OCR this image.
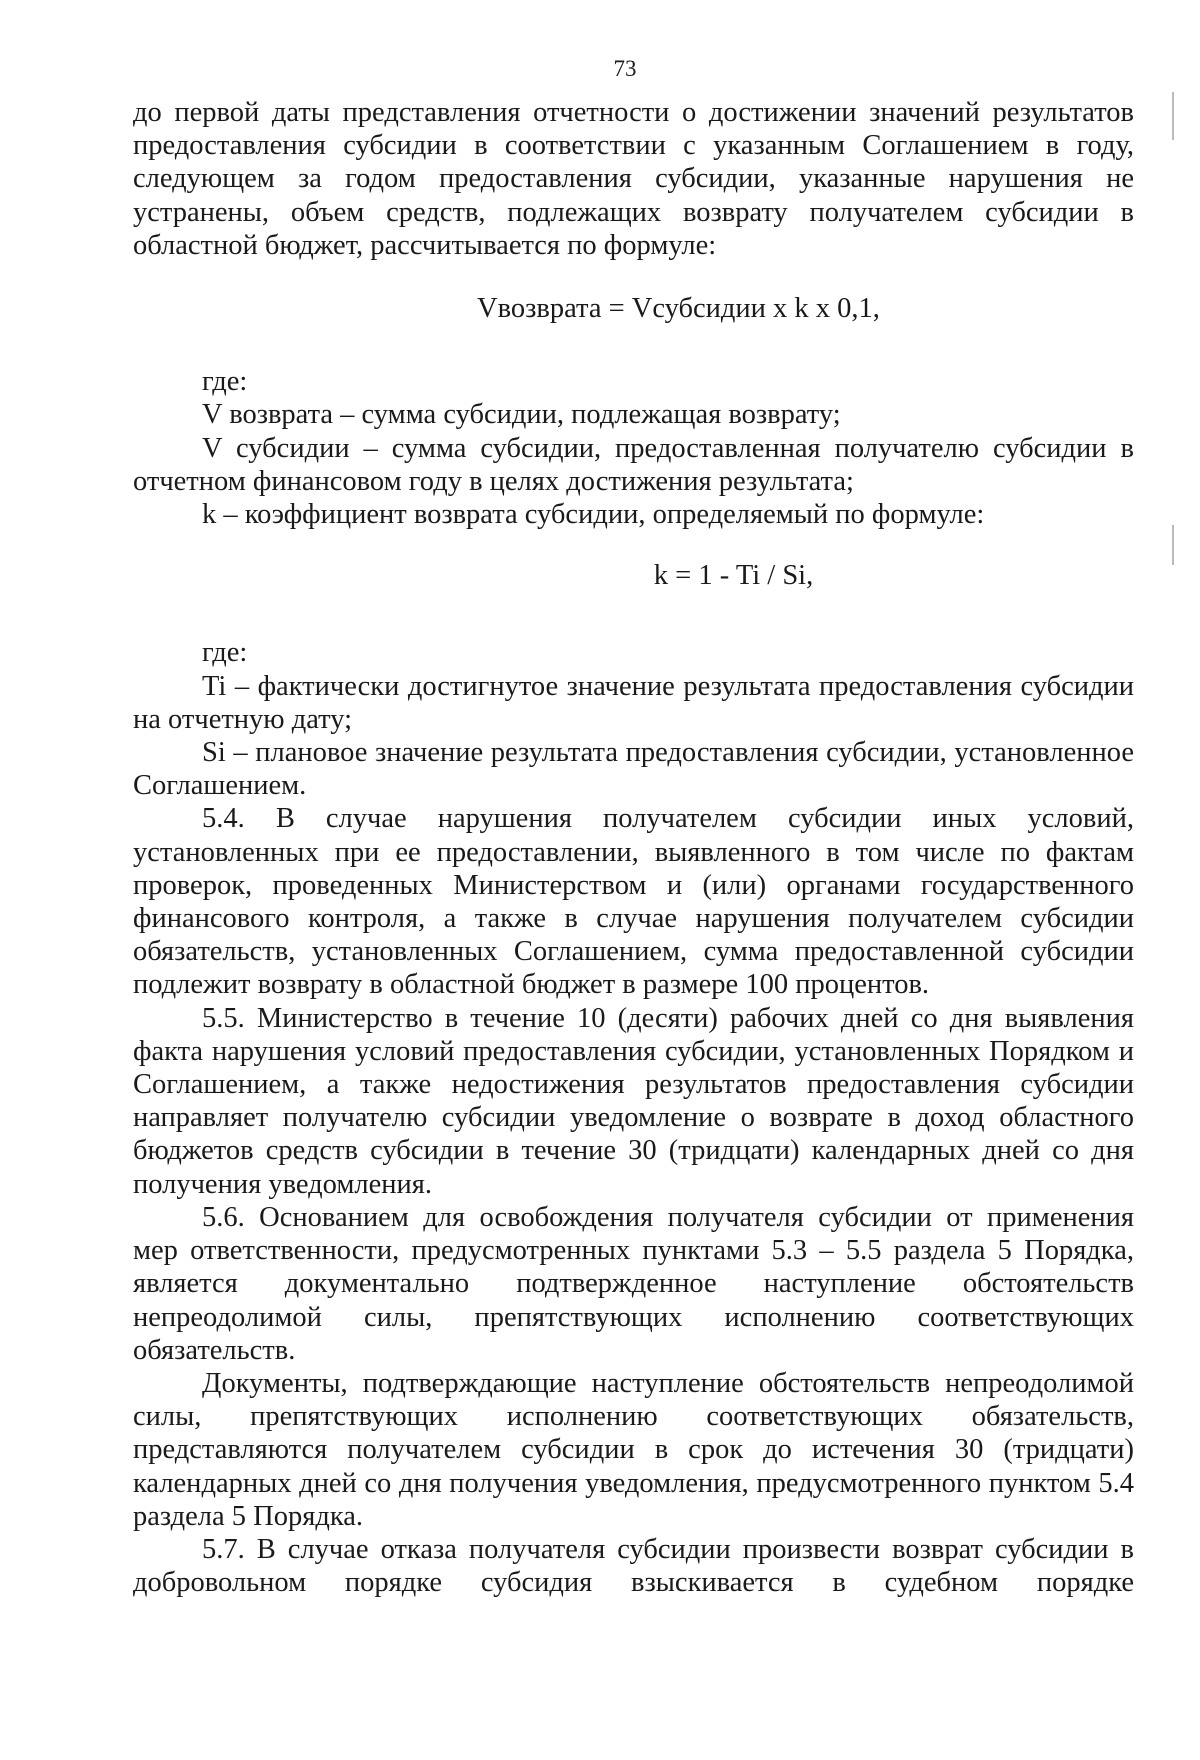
73

до первой даты представления отчетности о достижении значений результатов предоставления субсидии в соответствии с указанным Соглашением в году, следующем за годом предоставления субсидии, указанные нарушения не устранены, объем средств, подлежащих возврату получателем субсидии в областной бюджет, рассчитывается по формуле:

Vвозврата = Vсубсидии x k x 0,1,

где:

V возврата – сумма субсидии, подлежащая возврату;

V субсидии – сумма субсидии, предоставленная получателю субсидии в отчетном финансовом году в целях достижения результата;

k – коэффициент возврата субсидии, определяемый по формуле:

k = 1 - Ti / Si,

где:

Ti – фактически достигнутое значение результата предоставления субсидии на отчетную дату;

Si – плановое значение результата предоставления субсидии, установленное Соглашением.

5.4. В случае нарушения получателем субсидии иных условий, установленных при ее предоставлении, выявленного в том числе по фактам проверок, проведенных Министерством и (или) органами государственного финансового контроля, а также в случае нарушения получателем субсидии обязательств, установленных Соглашением, сумма предоставленной субсидии подлежит возврату в областной бюджет в размере 100 процентов.

5.5. Министерство в течение 10 (десяти) рабочих дней со дня выявления факта нарушения условий предоставления субсидии, установленных Порядком и Соглашением, а также недостижения результатов предоставления субсидии направляет получателю субсидии уведомление о возврате в доход областного бюджетов средств субсидии в течение 30 (тридцати) календарных дней со дня получения уведомления.

5.6. Основанием для освобождения получателя субсидии от применения мер ответственности, предусмотренных пунктами 5.3 – 5.5 раздела 5 Порядка, является документально подтвержденное наступление обстоятельств непреодолимой силы, препятствующих исполнению соответствующих обязательств.

Документы, подтверждающие наступление обстоятельств непреодолимой силы, препятствующих исполнению соответствующих обязательств, представляются получателем субсидии в срок до истечения 30 (тридцати) календарных дней со дня получения уведомления, предусмотренного пунктом 5.4 раздела 5 Порядка.

5.7. В случае отказа получателя субсидии произвести возврат субсидии в добровольном порядке субсидия взыскивается в судебном порядке
